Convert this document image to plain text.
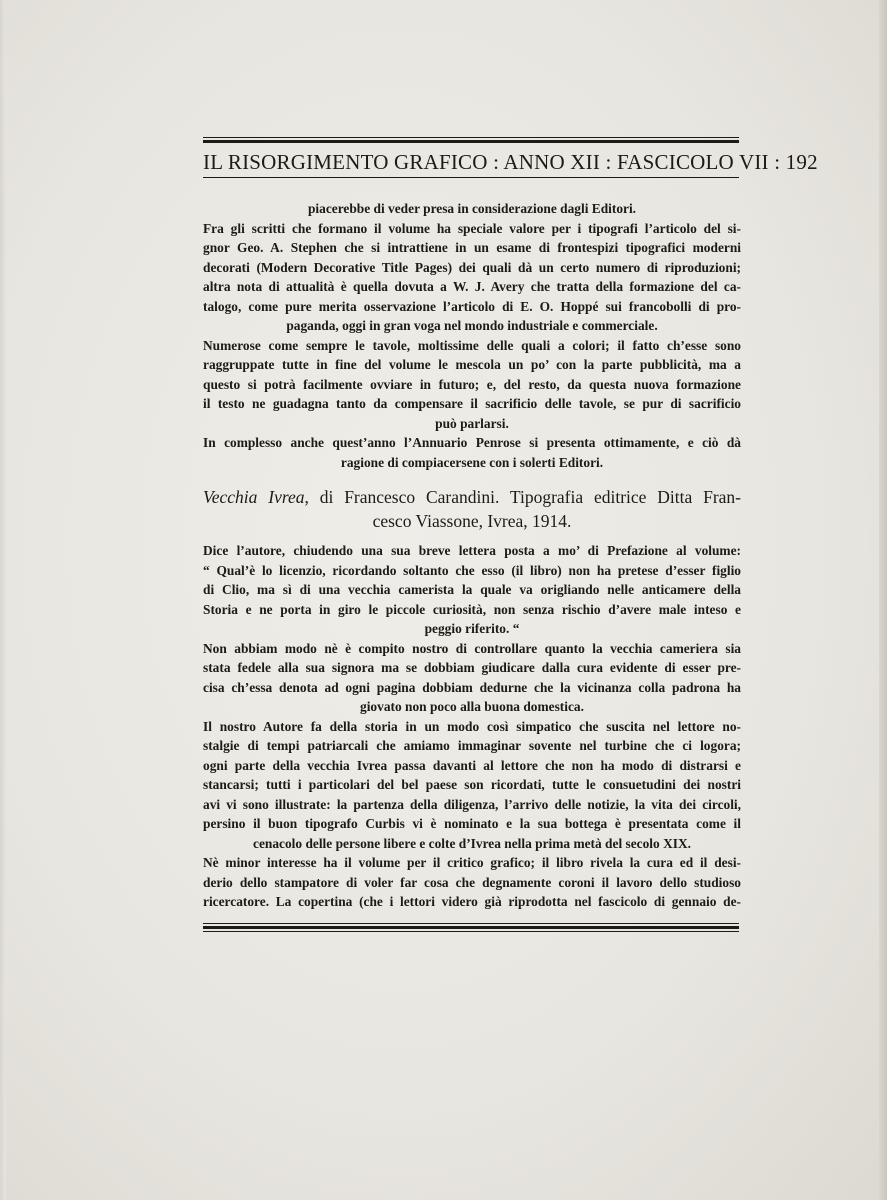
IL RISORGIMENTO GRAFICO : ANNO XII : FASCICOLO VII : 192

piacerebbe di veder presa in considerazione dagli Editori.

Fra gli scritti che formano il volume ha speciale valore per i tipografi l’articolo del si-

gnor Geo. A. Stephen che si intrattiene in un esame di frontespizi tipografici moderni

decorati (Modern Decorative Title Pages) dei quali dà un certo numero di riproduzioni;

altra nota di attualità è quella dovuta a W. J. Avery che tratta della formazione del ca-

talogo, come pure merita osservazione l’articolo di E. O. Hoppé sui francobolli di pro-

paganda, oggi in gran voga nel mondo industriale e commerciale.

Numerose come sempre le tavole, moltissime delle quali a colori; il fatto ch’esse sono

raggruppate tutte in fine del volume le mescola un po’ con la parte pubblicità, ma a

questo si potrà facilmente ovviare in futuro; e, del resto, da questa nuova formazione

il testo ne guadagna tanto da compensare il sacrificio delle tavole, se pur di sacrificio

può parlarsi.

In complesso anche quest’anno l’Annuario Penrose si presenta ottimamente, e ciò dà

ragione di compiacersene con i solerti Editori.

Vecchia Ivrea, di Francesco Carandini. Tipografia editrice Ditta Fran-

cesco Viassone, Ivrea, 1914.

Dice l’autore, chiudendo una sua breve lettera posta a mo’ di Prefazione al volume:

“ Qual’è lo licenzio, ricordando soltanto che esso (il libro) non ha pretese d’esser figlio

di Clio, ma sì di una vecchia camerista la quale va origliando nelle anticamere della

Storia e ne porta in giro le piccole curiosità, non senza rischio d’avere male inteso e

peggio riferito. “

Non abbiam modo nè è compito nostro di controllare quanto la vecchia cameriera sia

stata fedele alla sua signora ma se dobbiam giudicare dalla cura evidente di esser pre-

cisa ch’essa denota ad ogni pagina dobbiam dedurne che la vicinanza colla padrona ha

giovato non poco alla buona domestica.

Il nostro Autore fa della storia in un modo così simpatico che suscita nel lettore no-

stalgie di tempi patriarcali che amiamo immaginar sovente nel turbine che ci logora;

ogni parte della vecchia Ivrea passa davanti al lettore che non ha modo di distrarsi e

stancarsi; tutti i particolari del bel paese son ricordati, tutte le consuetudini dei nostri

avi vi sono illustrate: la partenza della diligenza, l’arrivo delle notizie, la vita dei circoli,

persino il buon tipografo Curbis vi è nominato e la sua bottega è presentata come il

cenacolo delle persone libere e colte d’Ivrea nella prima metà del secolo XIX.

Nè minor interesse ha il volume per il critico grafico; il libro rivela la cura ed il desi-

derio dello stampatore di voler far cosa che degnamente coroni il lavoro dello studioso

ricercatore. La copertina (che i lettori videro già riprodotta nel fascicolo di gennaio de-
